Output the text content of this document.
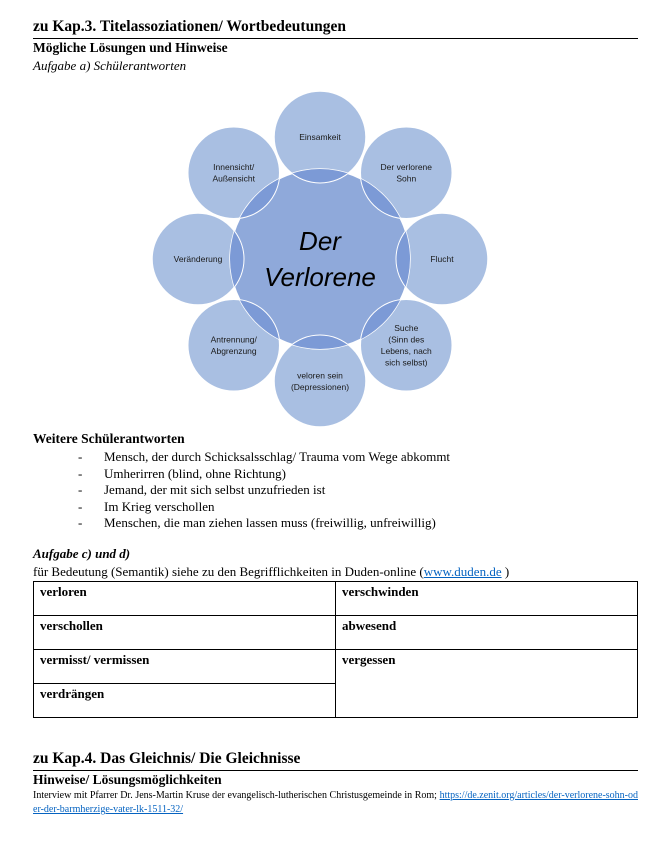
zu Kap.3. Titelassoziationen/ Wortbedeutungen
Mögliche Lösungen und Hinweise
Aufgabe a) Schülerantworten
Der
Verlorene
Einsamkeit
Der verlorene
Sohn
Flucht
Suche
(Sinn des
Lebens, nach
sich selbst)
veloren sein
(Depressionen)
Antrennung/
Abgrenzung
Veränderung
Innensicht/
Außensicht
Weitere Schülerantworten
- Mensch, der durch Schicksalsschlag/ Trauma vom Wege abkommt
- Umherirren (blind, ohne Richtung)
- Jemand, der mit sich selbst unzufrieden ist
- Im Krieg verschollen
- Menschen, die man ziehen lassen muss (freiwillig, unfreiwillig)
Aufgabe c) und d)
für Bedeutung (Semantik) siehe zu den Begrifflichkeiten in Duden-online (www.duden.de )
verloren	verschwinden
verschollen	abwesend
vermisst/ vermissen	vergessen
verdrängen	
zu Kap.4. Das Gleichnis/ Die Gleichnisse
Hinweise/ Lösungsmöglichkeiten
Interview mit Pfarrer Dr. Jens-Martin Kruse der evangelisch-lutherischen Christusgemeinde in Rom; https://de.zenit.org/articles/der-verlorene-sohn-oder-der-barmherzige-vater-lk-1511-32/
